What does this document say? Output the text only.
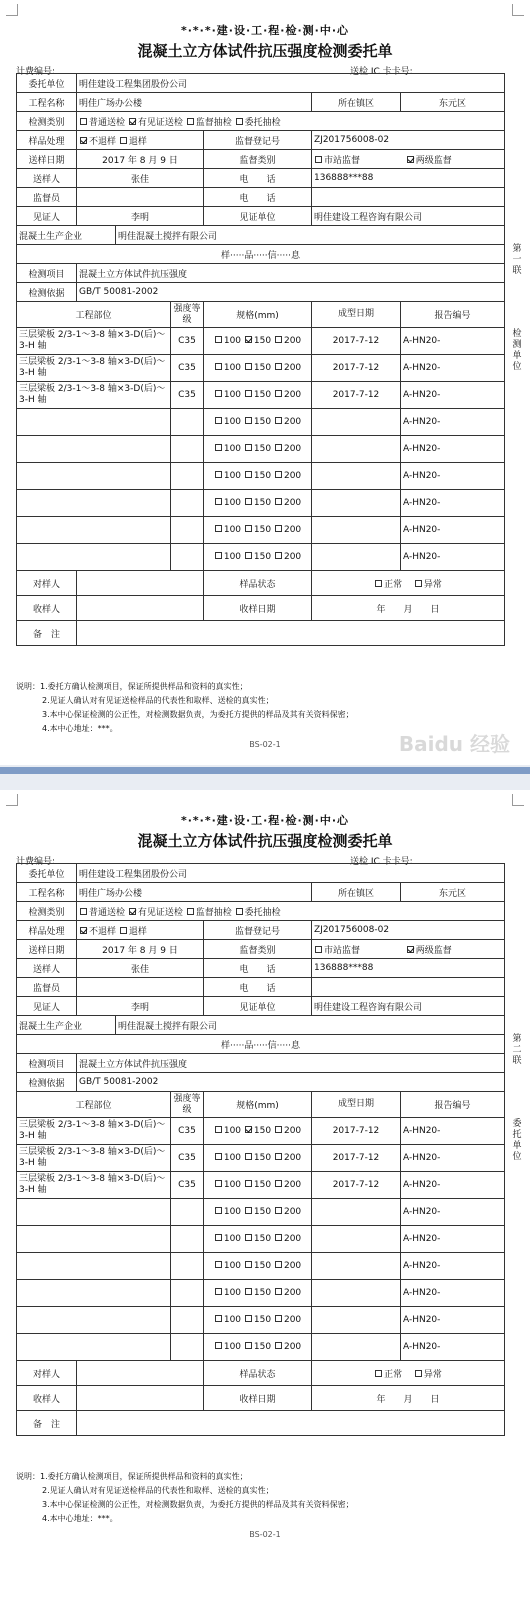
*·*·*·建·设·工·程·检·测·中·心
混凝土立方体试件抗压强度检测委托单
计费编号:	送检 IC 卡卡号:
委托单位	明佳建设工程集团股份公司					
工程名称	明佳广场办公楼				所在镇区	东元区
检测类别	普通送检 有见证送检 监督抽检 委托抽检					
样品处理	不退样 退样			监督登记号	ZJ201756008-02	
送样日期	2017 年 8 月 9 日			监督类别	市站监督 两级监督	
送样人	张佳			电　　话	136888***88	
监督员				电　　话		
见证人	李明			见证单位	明佳建设工程咨询有限公司	
混凝土生产企业		明佳混凝土搅拌有限公司				
样·····品·····信·····息						
检测项目	混凝土立方体试件抗压强度					
检测依据	GB/T 50081-2002					
工程部位			强度等级	规格(mm)	成型日期	报告编号
三层梁板 2/3-1～3-8 轴×3-D(后)～3-H 轴			C35	100 150 200	2017-7-12	A-HN20-
三层梁板 2/3-1～3-8 轴×3-D(后)～3-H 轴			C35	100 150 200	2017-7-12	A-HN20-
三层梁板 2/3-1～3-8 轴×3-D(后)～3-H 轴			C35	100 150 200	2017-7-12	A-HN20-
				100 150 200		A-HN20-
				100 150 200		A-HN20-
				100 150 200		A-HN20-
				100 150 200		A-HN20-
				100 150 200		A-HN20-
				100 150 200		A-HN20-
对样人				样品状态	正常 异常	
收样人				收样日期	年　　月　　日	
备　注						
说明：1.委托方确认检测项目，保证所提供样品和资料的真实性；
2.见证人确认对有见证送检样品的代表性和取样、送检的真实性；
3.本中心保证检测的公正性，对检测数据负责，为委托方提供的样品及其有关资料保密；
4.本中心地址：***。
第一联
检测单位
BS-02-1
*·*·*·建·设·工·程·检·测·中·心
混凝土立方体试件抗压强度检测委托单
计费编号:	送检 IC 卡卡号:
委托单位	明佳建设工程集团股份公司					
工程名称	明佳广场办公楼				所在镇区	东元区
检测类别	普通送检 有见证送检 监督抽检 委托抽检					
样品处理	不退样 退样			监督登记号	ZJ201756008-02	
送样日期	2017 年 8 月 9 日			监督类别	市站监督 两级监督	
送样人	张佳			电　　话	136888***88	
监督员				电　　话		
见证人	李明			见证单位	明佳建设工程咨询有限公司	
混凝土生产企业		明佳混凝土搅拌有限公司				
样·····品·····信·····息						
检测项目	混凝土立方体试件抗压强度					
检测依据	GB/T 50081-2002					
工程部位			强度等级	规格(mm)	成型日期	报告编号
三层梁板 2/3-1～3-8 轴×3-D(后)～3-H 轴			C35	100 150 200	2017-7-12	A-HN20-
三层梁板 2/3-1～3-8 轴×3-D(后)～3-H 轴			C35	100 150 200	2017-7-12	A-HN20-
三层梁板 2/3-1～3-8 轴×3-D(后)～3-H 轴			C35	100 150 200	2017-7-12	A-HN20-
				100 150 200		A-HN20-
				100 150 200		A-HN20-
				100 150 200		A-HN20-
				100 150 200		A-HN20-
				100 150 200		A-HN20-
				100 150 200		A-HN20-
对样人				样品状态	正常 异常	
收样人				收样日期	年　　月　　日	
备　注						
说明：1.委托方确认检测项目，保证所提供样品和资料的真实性；
2.见证人确认对有见证送检样品的代表性和取样、送检的真实性；
3.本中心保证检测的公正性，对检测数据负责，为委托方提供的样品及其有关资料保密；
4.本中心地址：***。
第二联
委托单位
BS-02-1
Baidu 经验
